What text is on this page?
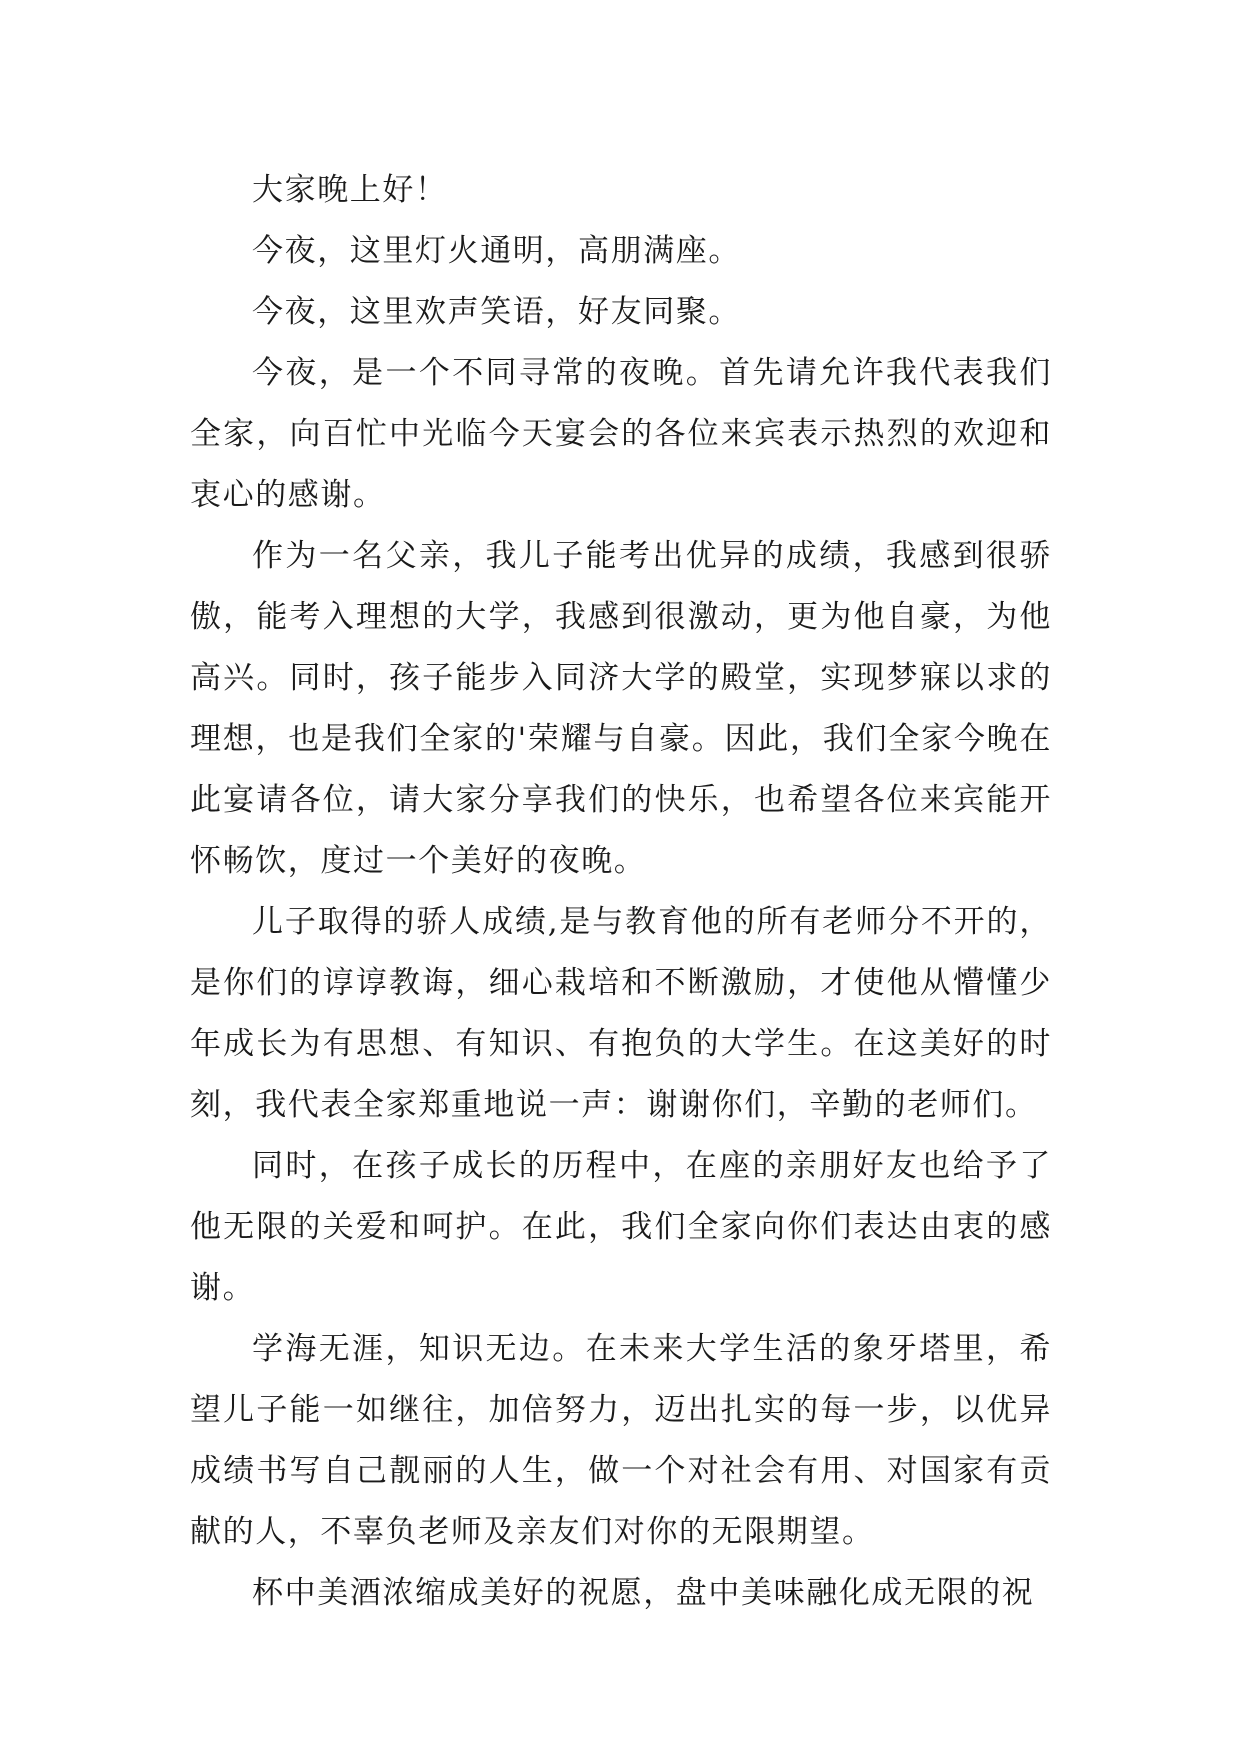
大家晚上好！

今夜，这里灯火通明，高朋满座。

今夜，这里欢声笑语，好友同聚。

今夜，是一个不同寻常的夜晚。首先请允许我代表我们全家，向百忙中光临今天宴会的各位来宾表示热烈的欢迎和衷心的感谢。

作为一名父亲，我儿子能考出优异的成绩，我感到很骄傲，能考入理想的大学，我感到很激动，更为他自豪，为他高兴。同时，孩子能步入同济大学的殿堂，实现梦寐以求的理想，也是我们全家的'荣耀与自豪。因此，我们全家今晚在此宴请各位，请大家分享我们的快乐，也希望各位来宾能开怀畅饮，度过一个美好的夜晚。

儿子取得的骄人成绩,是与教育他的所有老师分不开的，是你们的谆谆教诲，细心栽培和不断激励，才使他从懵懂少年成长为有思想、有知识、有抱负的大学生。在这美好的时刻，我代表全家郑重地说一声：谢谢你们，辛勤的老师们。

同时，在孩子成长的历程中，在座的亲朋好友也给予了他无限的关爱和呵护。在此，我们全家向你们表达由衷的感谢。

学海无涯，知识无边。在未来大学生活的象牙塔里，希望儿子能一如继往，加倍努力，迈出扎实的每一步，以优异成绩书写自己靓丽的人生，做一个对社会有用、对国家有贡献的人，不辜负老师及亲友们对你的无限期望。

杯中美酒浓缩成美好的祝愿，盘中美味融化成无限的祝
